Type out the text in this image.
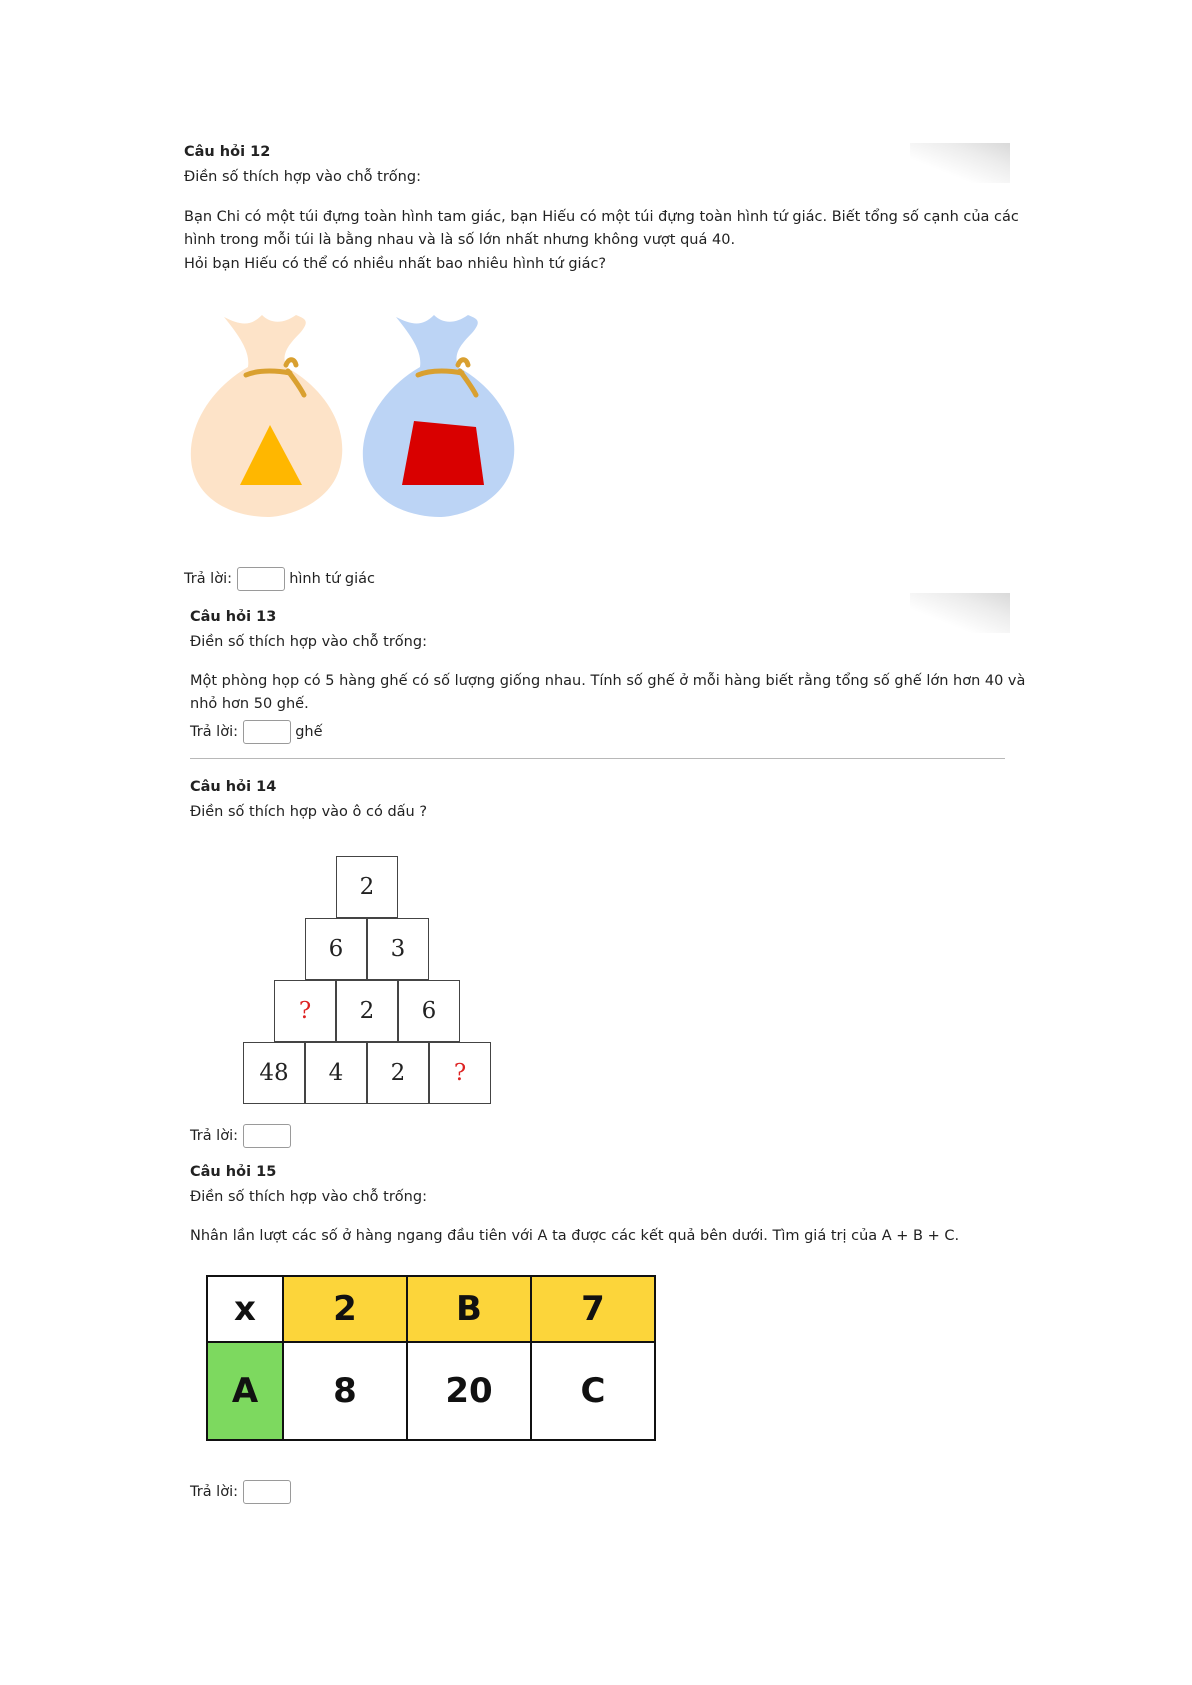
Câu hỏi 12
Điền số thích hợp vào chỗ trống:
Bạn Chi có một túi đựng toàn hình tam giác, bạn Hiếu có một túi đựng toàn hình tứ giác. Biết tổng số cạnh của các
hình trong mỗi túi là bằng nhau và là số lớn nhất nhưng không vượt quá 40.
Hỏi bạn Hiếu có thể có nhiều nhất bao nhiêu hình tứ giác?
Trả lời:	hình tứ giác
Câu hỏi 13
Điền số thích hợp vào chỗ trống:
Một phòng họp có 5 hàng ghế có số lượng giống nhau. Tính số ghế ở mỗi hàng biết rằng tổng số ghế lớn hơn 40 và
nhỏ hơn 50 ghế.
Trả lời:	ghế
Câu hỏi 14
Điền số thích hợp vào ô có dấu ?
2
6	3
?	2	6
48	4	2	?
Trả lời:
Câu hỏi 15
Điền số thích hợp vào chỗ trống:
Nhân lần lượt các số ở hàng ngang đầu tiên với A ta được các kết quả bên dưới. Tìm giá trị của A + B + C.
x	2	B	7
A	8	20	C
Trả lời:
